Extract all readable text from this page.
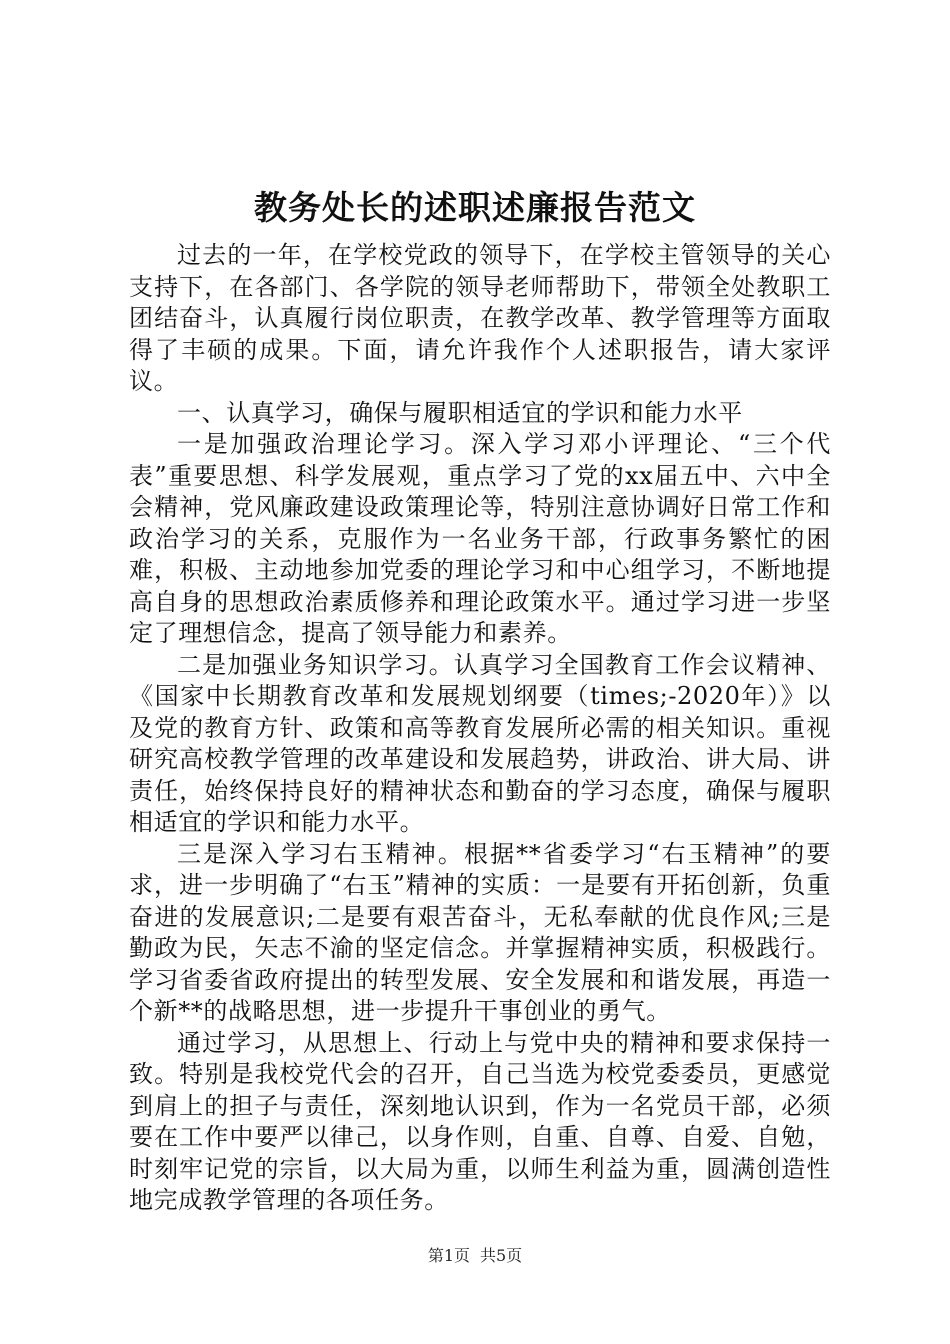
教务处长的述职述廉报告范文

过去的一年，在学校党政的领导下，在学校主管领导的关心支持下，在各部门、各学院的领导老师帮助下，带领全处教职工团结奋斗，认真履行岗位职责，在教学改革、教学管理等方面取得了丰硕的成果。下面，请允许我作个人述职报告，请大家评议。

一、认真学习，确保与履职相适宜的学识和能力水平

一是加强政治理论学习。深入学习邓小评理论、“三个代表”重要思想、科学发展观，重点学习了党的xx届五中、六中全会精神，党风廉政建设政策理论等，特别注意协调好日常工作和政治学习的关系，克服作为一名业务干部，行政事务繁忙的困难，积极、主动地参加党委的理论学习和中心组学习，不断地提高自身的思想政治素质修养和理论政策水平。通过学习进一步坚定了理想信念，提高了领导能力和素养。

二是加强业务知识学习。认真学习全国教育工作会议精神、《国家中长期教育改革和发展规划纲要（times;-2020年）》以及党的教育方针、政策和高等教育发展所必需的相关知识。重视研究高校教学管理的改革建设和发展趋势，讲政治、讲大局、讲责任，始终保持良好的精神状态和勤奋的学习态度，确保与履职相适宜的学识和能力水平。

三是深入学习右玉精神。根据**省委学习“右玉精神”的要求，进一步明确了“右玉”精神的实质：一是要有开拓创新，负重奋进的发展意识;二是要有艰苦奋斗，无私奉献的优良作风;三是勤政为民，矢志不渝的坚定信念。并掌握精神实质，积极践行。学习省委省政府提出的转型发展、安全发展和和谐发展，再造一个新**的战略思想，进一步提升干事创业的勇气。

通过学习，从思想上、行动上与党中央的精神和要求保持一致。特别是我校党代会的召开，自己当选为校党委委员，更感觉到肩上的担子与责任，深刻地认识到，作为一名党员干部，必须要在工作中要严以律己，以身作则，自重、自尊、自爱、自勉，时刻牢记党的宗旨，以大局为重，以师生利益为重，圆满创造性地完成教学管理的各项任务。

第1页 共5页
